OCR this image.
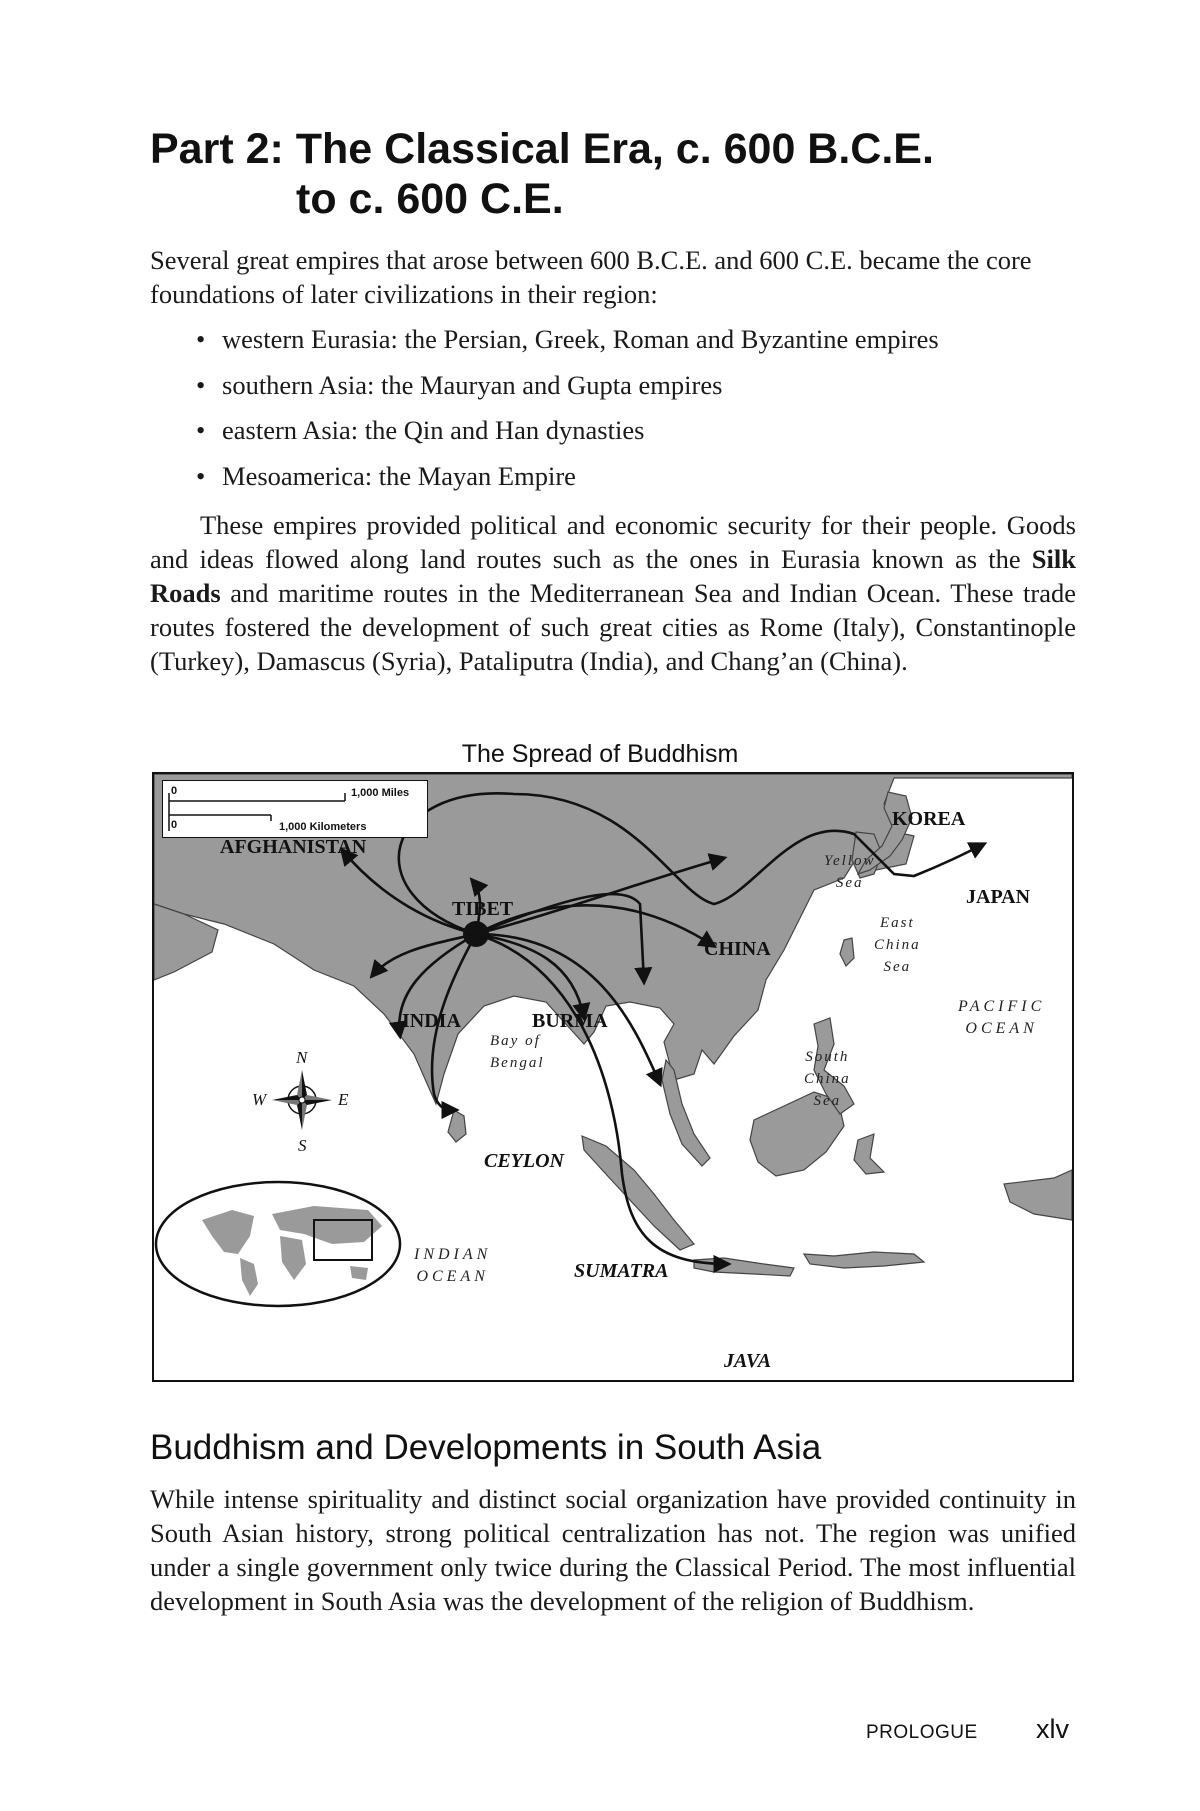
Part 2: The Classical Era, c. 600 B.C.E.
to c. 600 C.E.

Several great empires that arose between 600 B.C.E. and 600 C.E. became the core foundations of later civilizations in their region:

• western Eurasia: the Persian, Greek, Roman and Byzantine empires
• southern Asia: the Mauryan and Gupta empires
• eastern Asia: the Qin and Han dynasties
• Mesoamerica: the Mayan Empire

These empires provided political and economic security for their people. Goods and ideas flowed along land routes such as the ones in Eurasia known as the Silk Roads and maritime routes in the Mediterranean Sea and Indian Ocean. These trade routes fostered the development of such great cities as Rome (Italy), Constantinople (Turkey), Damascus (Syria), Pataliputra (India), and Chang’an (China).

The Spread of Buddhism
0	1,000 Miles
0	1,000 Kilometers
AFGHANISTAN
TIBET
KOREA
JAPAN
CHINA
INDIA	BURMA
CEYLON
SUMATRA
JAVA
Yellow
Sea
East
China
Sea
South
China
Sea
Bay of
Bengal
PACIFIC
OCEAN
INDIAN
OCEAN
N
S
E
W
Buddhism and Developments in South Asia

While intense spirituality and distinct social organization have provided continuity in South Asian history, strong political centralization has not. The region was unified under a single government only twice during the Classical Period. The most influential development in South Asia was the development of the religion of Buddhism.

PROLOGUE xlv
